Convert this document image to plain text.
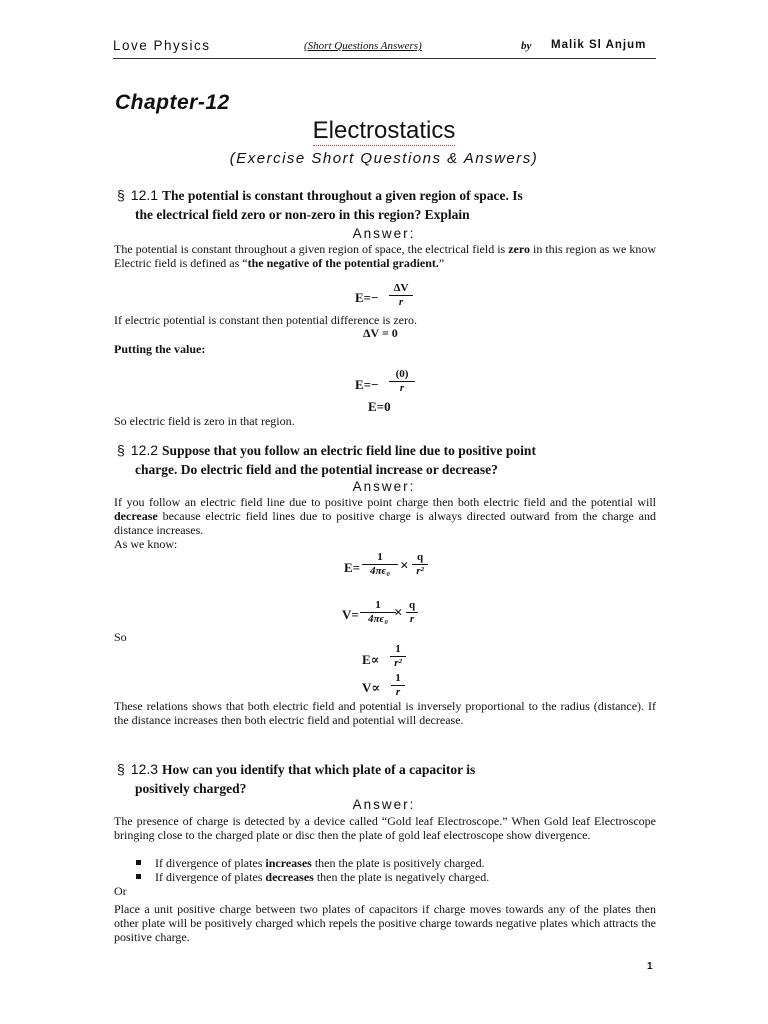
Love Physics	(Short Questions Answers)	by Malik Sl Anjum
Chapter-12
Electrostatics
(Exercise Short Questions & Answers)
§ 12.1 The potential is constant throughout a given region of space. Is
the electrical field zero or non-zero in this region? Explain
Answer:
The potential is constant throughout a given region of space, the electrical field is zero in this region as we know Electric field is defined as “the negative of the potential gradient.”
$E=- \frac{\Delta V}{r}$
If electric potential is constant then potential difference is zero.
ΔV = 0
Putting the value:
$E=- \frac{(0)}{r}$
E=0
So electric field is zero in that region.
§ 12.2 Suppose that you follow an electric field line due to positive point
charge. Do electric field and the potential increase or decrease?
Answer:
If you follow an electric field line due to positive point charge then both electric field and the potential will decrease because electric field lines due to positive charge is always directed outward from the charge and distance increases.
As we know:
$E= \frac{1}{\text{4πϵ₀}} \times \frac{q}{\text{r²}}$
$V= \frac{1}{\text{4πϵ₀}}$
× $\frac{q}{r}$
So
$E\propto \frac{1}{\text{r²}}$
$V\propto \frac{1}{r}$
These relations shows that both electric field and potential is inversely proportional to the radius (distance). If the distance increases then both electric field and potential will decrease.
§ 12.3 How can you identify that which plate of a capacitor is
positively charged?
Answer:
The presence of charge is detected by a device called “Gold leaf Electroscope.” When Gold leaf Electroscope bringing close to the charged plate or disc then the plate of gold leaf electroscope show divergence.
If divergence of plates increases then the plate is positively charged.
If divergence of plates decreases then the plate is negatively charged.
Or
Place a unit positive charge between two plates of capacitors if charge moves towards any of the plates then other plate will be positively charged which repels the positive charge towards negative plates which attracts the positive charge.
1
